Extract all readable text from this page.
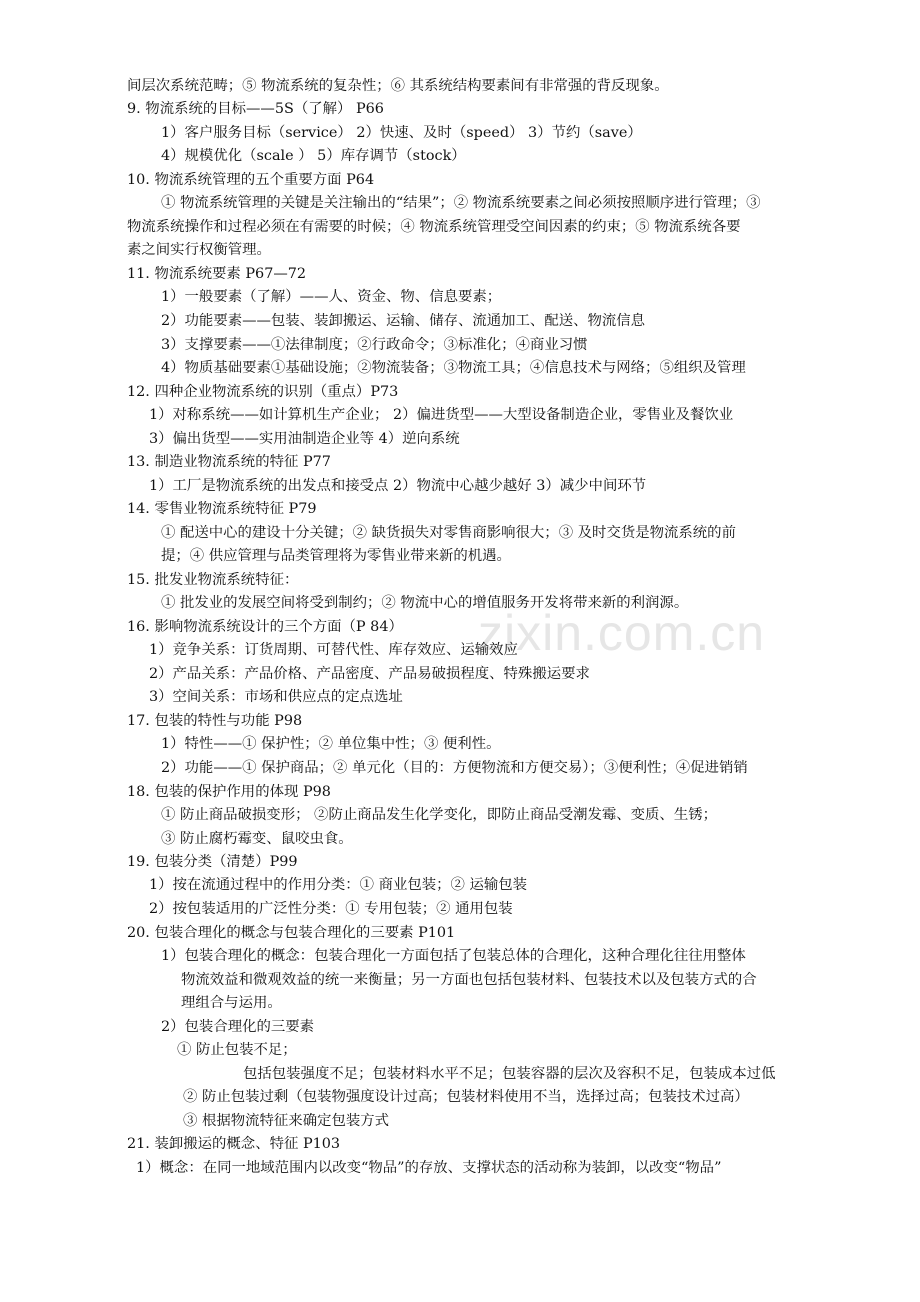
zixin.com.cn
间层次系统范畴；⑤ 物流系统的复杂性；⑥ 其系统结构要素间有非常强的背反现象。
9. 物流系统的目标——5S（了解） P66
1）客户服务目标（service） 2）快速、及时（speed） 3）节约（save）
4）规模优化（scale ） 5）库存调节（stock）
10. 物流系统管理的五个重要方面 P64
① 物流系统管理的关键是关注输出的“结果”；② 物流系统要素之间必须按照顺序进行管理；③
物流系统操作和过程必须在有需要的时候；④ 物流系统管理受空间因素的约束；⑤ 物流系统各要
素之间实行权衡管理。
11. 物流系统要素 P67—72
1）一般要素（了解）——人、资金、物、信息要素；
2）功能要素——包装、装卸搬运、运输、储存、流通加工、配送、物流信息
3）支撑要素——①法律制度；②行政命令；③标准化；④商业习惯
4）物质基础要素①基础设施；②物流装备；③物流工具；④信息技术与网络；⑤组织及管理
12. 四种企业物流系统的识别（重点）P73
1）对称系统——如计算机生产企业； 2）偏进货型——大型设备制造企业，零售业及餐饮业
3）偏出货型——实用油制造企业等 4）逆向系统
13. 制造业物流系统的特征 P77
1）工厂是物流系统的出发点和接受点 2）物流中心越少越好 3）减少中间环节
14. 零售业物流系统特征 P79
① 配送中心的建设十分关键；② 缺货损失对零售商影响很大；③ 及时交货是物流系统的前
提；④ 供应管理与品类管理将为零售业带来新的机遇。
15. 批发业物流系统特征：
① 批发业的发展空间将受到制约；② 物流中心的增值服务开发将带来新的利润源。
16. 影响物流系统设计的三个方面（P 84）
1）竞争关系：订货周期、可替代性、库存效应、运输效应
2）产品关系：产品价格、产品密度、产品易破损程度、特殊搬运要求
3）空间关系：市场和供应点的定点选址
17. 包装的特性与功能 P98
1）特性——① 保护性；② 单位集中性；③ 便利性。
2）功能——① 保护商品；② 单元化（目的：方便物流和方便交易）；③便利性；④促进销销
18. 包装的保护作用的体现 P98
① 防止商品破损变形； ②防止商品发生化学变化，即防止商品受潮发霉、变质、生锈；
③ 防止腐朽霉变、鼠咬虫食。
19. 包装分类（清楚）P99
1）按在流通过程中的作用分类：① 商业包装；② 运输包装
2）按包装适用的广泛性分类：① 专用包装；② 通用包装
20. 包装合理化的概念与包装合理化的三要素 P101
1）包装合理化的概念：包装合理化一方面包括了包装总体的合理化，这种合理化往往用整体
物流效益和微观效益的统一来衡量；另一方面也包括包装材料、包装技术以及包装方式的合
理组合与运用。
2）包装合理化的三要素
① 防止包装不足；
包括包装强度不足；包装材料水平不足；包装容器的层次及容积不足，包装成本过低
② 防止包装过剩（包装物强度设计过高；包装材料使用不当，选择过高；包装技术过高）
③ 根据物流特征来确定包装方式
21. 装卸搬运的概念、特征 P103
1）概念：在同一地域范围内以改变“物品”的存放、支撑状态的活动称为装卸，以改变“物品”
